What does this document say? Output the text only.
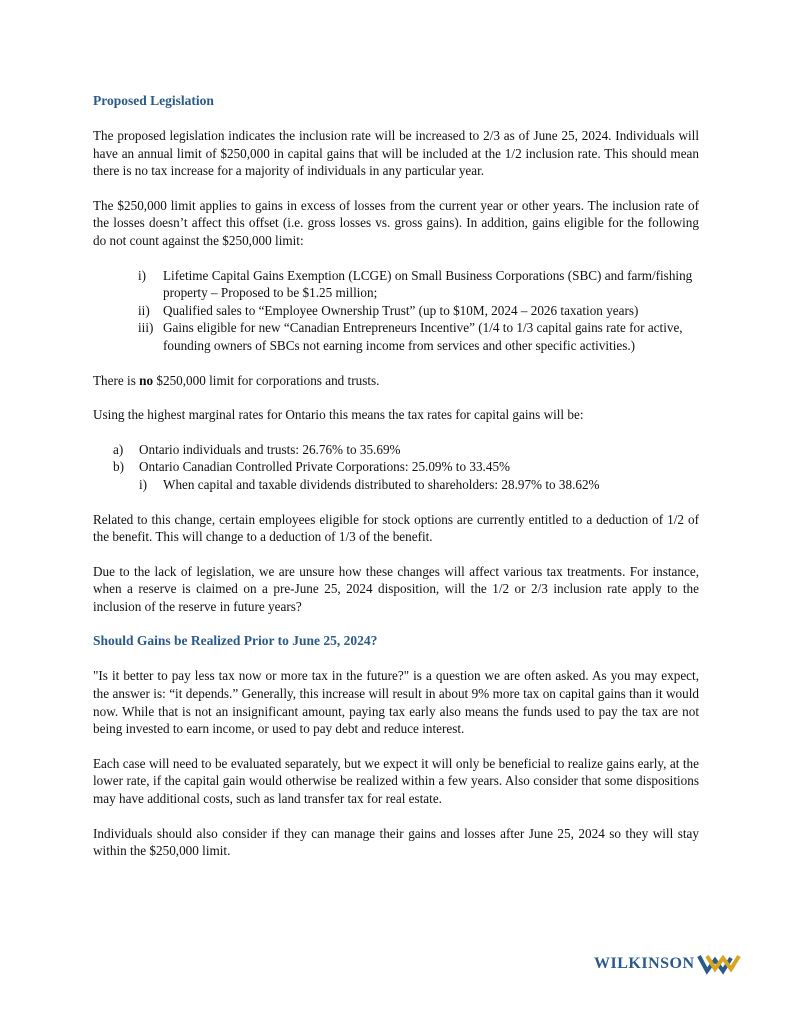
Proposed Legislation

The proposed legislation indicates the inclusion rate will be increased to 2/3 as of June 25, 2024. Individuals will have an annual limit of $250,000 in capital gains that will be included at the 1/2 inclusion rate. This should mean there is no tax increase for a majority of individuals in any particular year.

The $250,000 limit applies to gains in excess of losses from the current year or other years. The inclusion rate of the losses doesn’t affect this offset (i.e. gross losses vs. gross gains). In addition, gains eligible for the following do not count against the $250,000 limit:

i) Lifetime Capital Gains Exemption (LCGE) on Small Business Corporations (SBC) and farm/fishing property – Proposed to be $1.25 million;
ii) Qualified sales to “Employee Ownership Trust” (up to $10M, 2024 – 2026 taxation years)
iii) Gains eligible for new “Canadian Entrepreneurs Incentive” (1/4 to 1/3 capital gains rate for active, founding owners of SBCs not earning income from services and other specific activities.)

There is no $250,000 limit for corporations and trusts.

Using the highest marginal rates for Ontario this means the tax rates for capital gains will be:

a) Ontario individuals and trusts: 26.76% to 35.69%
b) Ontario Canadian Controlled Private Corporations: 25.09% to 33.45%
i) When capital and taxable dividends distributed to shareholders: 28.97% to 38.62%

Related to this change, certain employees eligible for stock options are currently entitled to a deduction of 1/2 of the benefit. This will change to a deduction of 1/3 of the benefit.

Due to the lack of legislation, we are unsure how these changes will affect various tax treatments. For instance, when a reserve is claimed on a pre-June 25, 2024 disposition, will the 1/2 or 2/3 inclusion rate apply to the inclusion of the reserve in future years?

Should Gains be Realized Prior to June 25, 2024?

"Is it better to pay less tax now or more tax in the future?" is a question we are often asked. As you may expect, the answer is: “it depends.” Generally, this increase will result in about 9% more tax on capital gains than it would now. While that is not an insignificant amount, paying tax early also means the funds used to pay the tax are not being invested to earn income, or used to pay debt and reduce interest.

Each case will need to be evaluated separately, but we expect it will only be beneficial to realize gains early, at the lower rate, if the capital gain would otherwise be realized within a few years. Also consider that some dispositions may have additional costs, such as land transfer tax for real estate.

Individuals should also consider if they can manage their gains and losses after June 25, 2024 so they will stay within the $250,000 limit.

WILKINSON
